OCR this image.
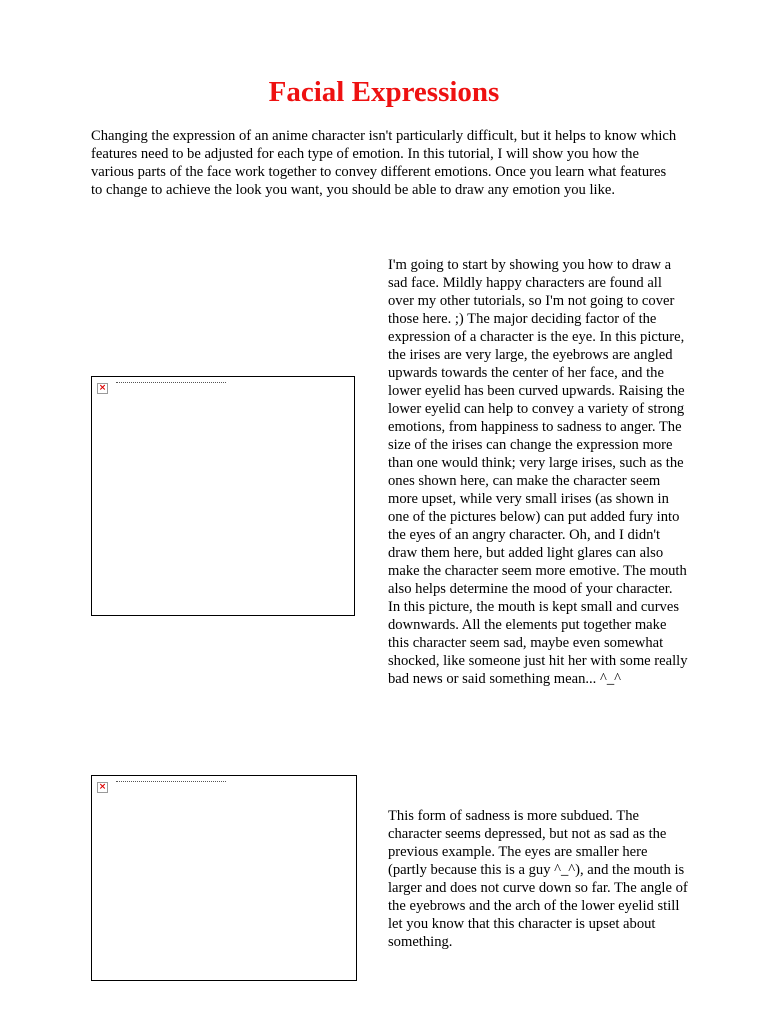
Facial Expressions

Changing the expression of an anime character isn't particularly difficult, but it helps to know which features need to be adjusted for each type of emotion. In this tutorial, I will show you how the various parts of the face work together to convey different emotions. Once you learn what features to change to achieve the look you want, you should be able to draw any emotion you like.

×

I'm going to start by showing you how to draw a sad face. Mildly happy characters are found all over my other tutorials, so I'm not going to cover those here. ;) The major deciding factor of the expression of a character is the eye. In this picture, the irises are very large, the eyebrows are angled upwards towards the center of her face, and the lower eyelid has been curved upwards. Raising the lower eyelid can help to convey a variety of strong emotions, from happiness to sadness to anger. The size of the irises can change the expression more than one would think; very large irises, such as the ones shown here, can make the character seem more upset, while very small irises (as shown in one of the pictures below) can put added fury into the eyes of an angry character. Oh, and I didn't draw them here, but added light glares can also make the character seem more emotive. The mouth also helps determine the mood of your character. In this picture, the mouth is kept small and curves downwards. All the elements put together make this character seem sad, maybe even somewhat shocked, like someone just hit her with some really bad news or said something mean... ^_^

×

This form of sadness is more subdued. The character seems depressed, but not as sad as the previous example. The eyes are smaller here (partly because this is a guy ^_^), and the mouth is larger and does not curve down so far. The angle of the eyebrows and the arch of the lower eyelid still let you know that this character is upset about something.
